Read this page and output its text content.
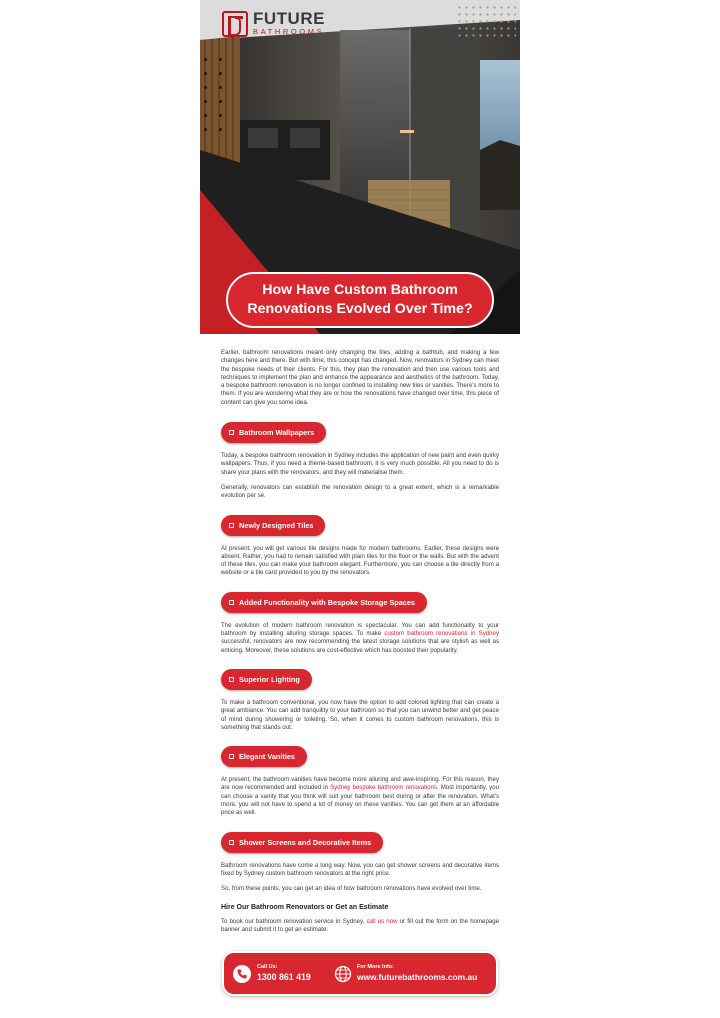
FUTURE
BATHROOMS
How Have Custom Bathroom Renovations Evolved Over Time?

Earlier, bathroom renovations meant only changing the tiles, adding a bathtub, and making a few changes here and there. But with time, this concept has changed. Now, renovators in Sydney can meet the bespoke needs of their clients. For this, they plan the renovation and then use various tools and techniques to implement the plan and enhance the appearance and aesthetics of the bathroom. Today, a bespoke bathroom renovation is no longer confined to installing new tiles or vanities. There's more to them. If you are wondering what they are or how the renovations have changed over time, this piece of content can give you some idea.

Bathroom Wallpapers

Today, a bespoke bathroom renovation in Sydney includes the application of new paint and even quirky wallpapers. Thus, if you need a theme-based bathroom, it is very much possible. All you need to do is share your plans with the renovators, and they will materialise them.

Generally, renovators can establish the renovation design to a great extent, which is a remarkable evolution per se.

Newly Designed Tiles

At present, you will get various tile designs made for modern bathrooms. Earlier, these designs were absent. Rather, you had to remain satisfied with plain tiles for the floor or the walls. But with the advent of these tiles, you can make your bathroom elegant. Furthermore, you can choose a tile directly from a website or a tile card provided to you by the renovators.

Added Functionality with Bespoke Storage Spaces

The evolution of modern bathroom renovation is spectacular. You can add functionality to your bathroom by installing alluring storage spaces. To make custom bathroom renovations in Sydney successful, renovators are now recommending the latest storage solutions that are stylish as well as enticing. Moreover, these solutions are cost-effective which has boosted their popularity.

Superior Lighting

To make a bathroom conventional, you now have the option to add colored lighting that can create a great ambiance. You can add tranquility to your bathroom so that you can unwind better and get peace of mind during showering or toileting. So, when it comes to custom bathroom renovations, this is something that stands out.

Elegant Vanities

At present, the bathroom vanities have become more alluring and awe-inspiring. For this reason, they are now recommended and included in Sydney bespoke bathroom renovations. Most importantly, you can choose a vanity that you think will suit your bathroom best during or after the renovation. What's more, you will not have to spend a lot of money on these vanities. You can get them at an affordable price as well.

Shower Screens and Decorative Items

Bathroom renovations have come a long way. Now, you can get shower screens and decorative items fixed by Sydney custom bathroom renovators at the right price.

So, from these points, you can get an idea of how bathroom renovations have evolved over time.

Hire Our Bathroom Renovators or Get an Estimate

To book our bathroom renovation service in Sydney, call us now or fill out the form on the homepage banner and submit it to get an estimate.

Call Us:
1300 861 419
For More Info:
www.futurebathrooms.com.au
